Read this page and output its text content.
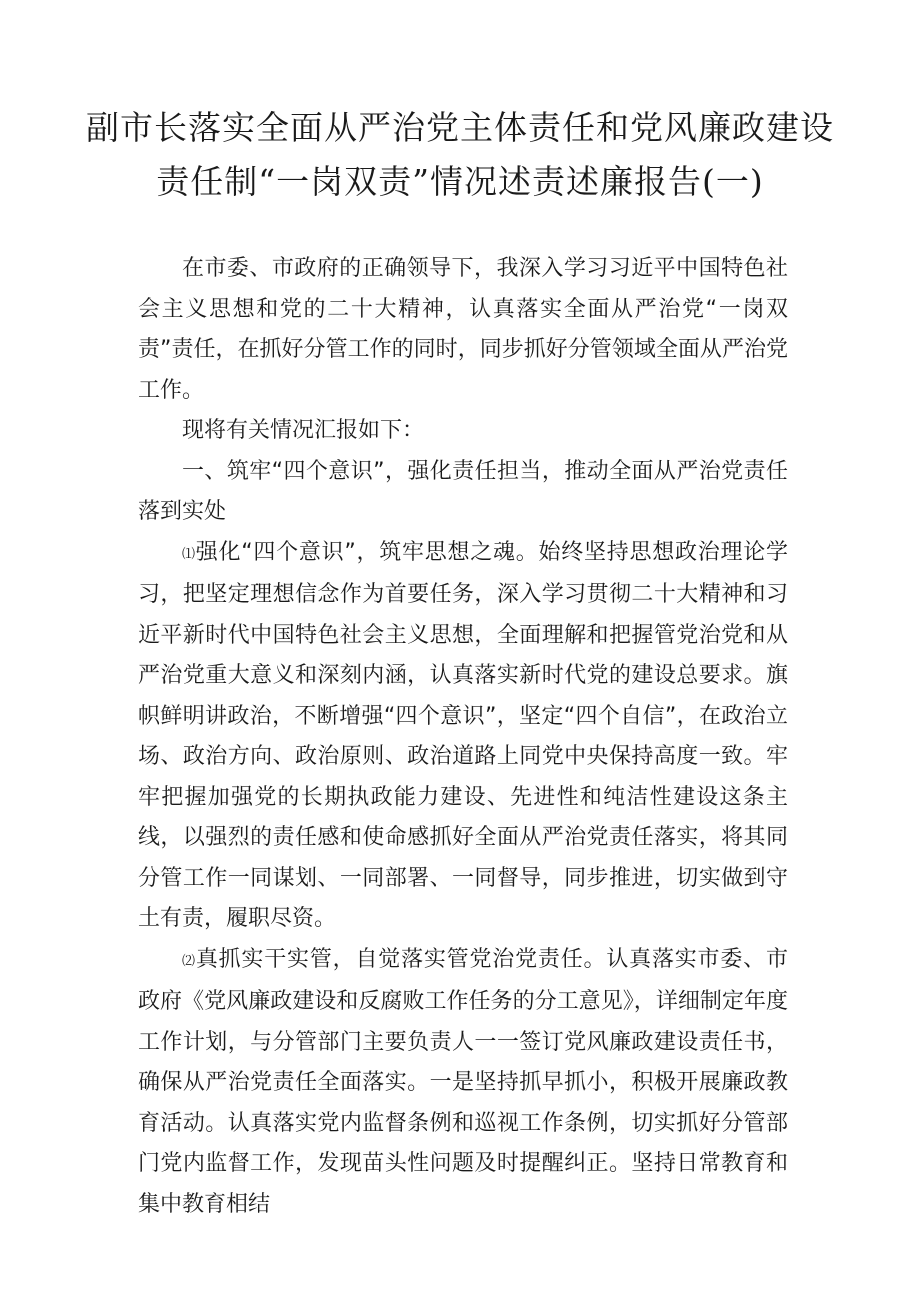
副市长落实全面从严治党主体责任和党风廉政建设
责任制“一岗双责”情况述责述廉报告(一)

在市委、市政府的正确领导下，我深入学习习近平中国特色社会主义思想和党的二十大精神，认真落实全面从严治党“一岗双责”责任，在抓好分管工作的同时，同步抓好分管领域全面从严治党工作。

现将有关情况汇报如下：

一、筑牢“四个意识”，强化责任担当，推动全面从严治党责任落到实处

⑴强化“四个意识”，筑牢思想之魂。始终坚持思想政治理论学习，把坚定理想信念作为首要任务，深入学习贯彻二十大精神和习近平新时代中国特色社会主义思想，全面理解和把握管党治党和从严治党重大意义和深刻内涵，认真落实新时代党的建设总要求。旗帜鲜明讲政治，不断增强“四个意识”，坚定“四个自信”，在政治立场、政治方向、政治原则、政治道路上同党中央保持高度一致。牢牢把握加强党的长期执政能力建设、先进性和纯洁性建设这条主线，以强烈的责任感和使命感抓好全面从严治党责任落实，将其同分管工作一同谋划、一同部署、一同督导，同步推进，切实做到守土有责，履职尽资。

⑵真抓实干实管，自觉落实管党治党责任。认真落实市委、市政府《党风廉政建设和反腐败工作任务的分工意见》，详细制定年度工作计划，与分管部门主要负责人一一签订党风廉政建设责任书，确保从严治党责任全面落实。一是坚持抓早抓小，积极开展廉政教育活动。认真落实党内监督条例和巡视工作条例，切实抓好分管部门党内监督工作，发现苗头性问题及时提醒纠正。坚持日常教育和集中教育相结
